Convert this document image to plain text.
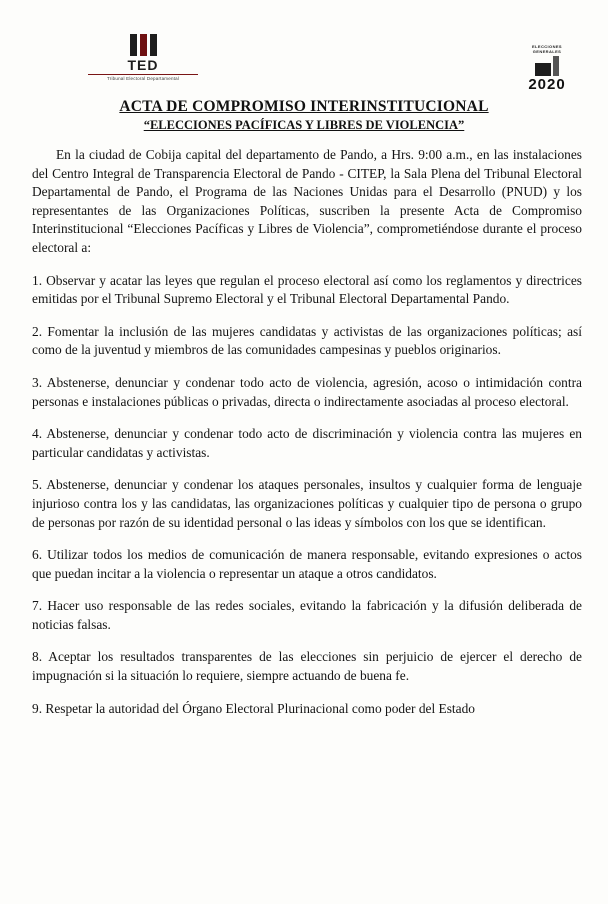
TED
Tribunal Electoral Departamental
ELECCIONES
GENERALES
2020
ACTA DE COMPROMISO INTERINSTITUCIONAL
“ELECCIONES PACÍFICAS Y LIBRES DE VIOLENCIA”

En la ciudad de Cobija capital del departamento de Pando, a Hrs. 9:00 a.m., en las instalaciones del Centro Integral de Transparencia Electoral de Pando - CITEP, la Sala Plena del Tribunal Electoral Departamental de Pando, el Programa de las Naciones Unidas para el Desarrollo (PNUD) y los representantes de las Organizaciones Políticas, suscriben la presente Acta de Compromiso Interinstitucional “Elecciones Pacíficas y Libres de Violencia”, comprometiéndose durante el proceso electoral a:

1. Observar y acatar las leyes que regulan el proceso electoral así como los reglamentos y directrices emitidas por el Tribunal Supremo Electoral y el Tribunal Electoral Departamental Pando.

2. Fomentar la inclusión de las mujeres candidatas y activistas de las organizaciones políticas; así como de la juventud y miembros de las comunidades campesinas y pueblos originarios.

3. Abstenerse, denunciar y condenar todo acto de violencia, agresión, acoso o intimidación contra personas e instalaciones públicas o privadas, directa o indirectamente asociadas al proceso electoral.

4. Abstenerse, denunciar y condenar todo acto de discriminación y violencia contra las mujeres en particular candidatas y activistas.

5. Abstenerse, denunciar y condenar los ataques personales, insultos y cualquier forma de lenguaje injurioso contra los y las candidatas, las organizaciones políticas y cualquier tipo de persona o grupo de personas por razón de su identidad personal o las ideas y símbolos con los que se identifican.

6. Utilizar todos los medios de comunicación de manera responsable, evitando expresiones o actos que puedan incitar a la violencia o representar un ataque a otros candidatos.

7. Hacer uso responsable de las redes sociales, evitando la fabricación y la difusión deliberada de noticias falsas.

8. Aceptar los resultados transparentes de las elecciones sin perjuicio de ejercer el derecho de impugnación si la situación lo requiere, siempre actuando de buena fe.

9. Respetar la autoridad del Órgano Electoral Plurinacional como poder del Estado
